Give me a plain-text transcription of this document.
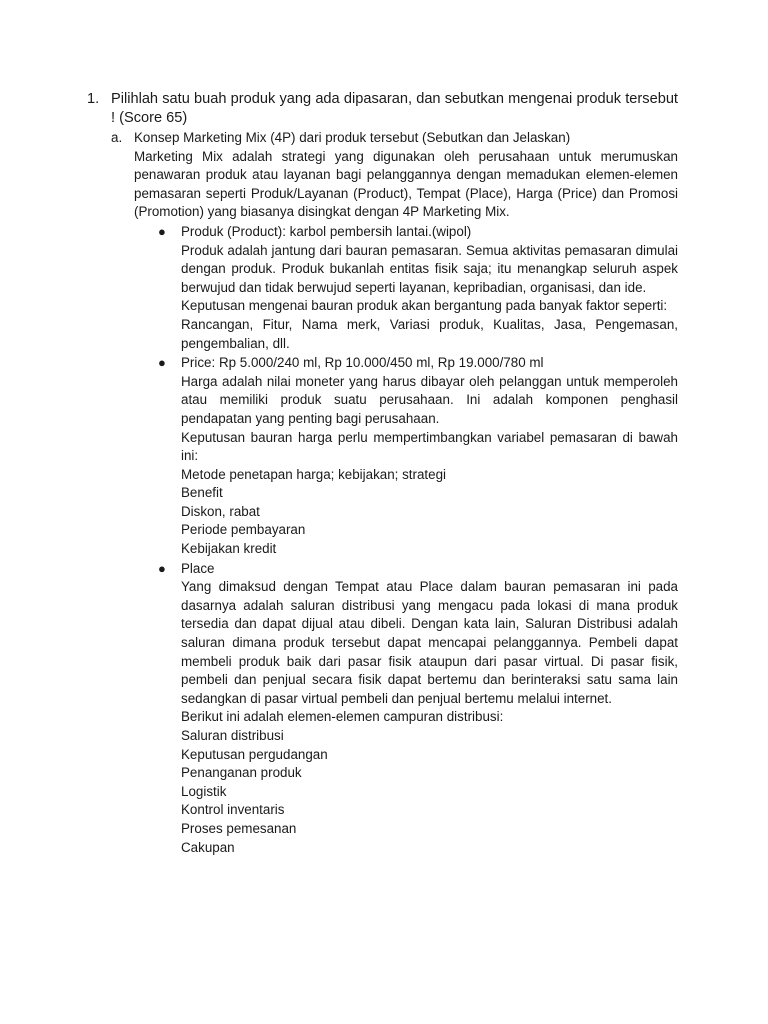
1. Pilihlah satu buah produk yang ada dipasaran, dan sebutkan mengenai produk tersebut ! (Score 65)
a. Konsep Marketing Mix (4P) dari produk tersebut (Sebutkan dan Jelaskan)

Marketing Mix adalah strategi yang digunakan oleh perusahaan untuk merumuskan penawaran produk atau layanan bagi pelanggannya dengan memadukan elemen-elemen pemasaran seperti Produk/Layanan (Product), Tempat (Place), Harga (Price) dan Promosi (Promotion) yang biasanya disingkat dengan 4P Marketing Mix.

● Produk (Product): karbol pembersih lantai.(wipol)

Produk adalah jantung dari bauran pemasaran. Semua aktivitas pemasaran dimulai dengan produk. Produk bukanlah entitas fisik saja; itu menangkap seluruh aspek berwujud dan tidak berwujud seperti layanan, kepribadian, organisasi, dan ide.

Keputusan mengenai bauran produk akan bergantung pada banyak faktor seperti:

Rancangan, Fitur, Nama merk, Variasi produk, Kualitas, Jasa, Pengemasan, pengembalian, dll.

● Price: Rp 5.000/240 ml, Rp 10.000/450 ml, Rp 19.000/780 ml

Harga adalah nilai moneter yang harus dibayar oleh pelanggan untuk memperoleh atau memiliki produk suatu perusahaan. Ini adalah komponen penghasil pendapatan yang penting bagi perusahaan.

Keputusan bauran harga perlu mempertimbangkan variabel pemasaran di bawah ini:

Metode penetapan harga; kebijakan; strategi
Benefit
Diskon, rabat
Periode pembayaran
Kebijakan kredit
● Place

Yang dimaksud dengan Tempat atau Place dalam bauran pemasaran ini pada dasarnya adalah saluran distribusi yang mengacu pada lokasi di mana produk tersedia dan dapat dijual atau dibeli. Dengan kata lain, Saluran Distribusi adalah saluran dimana produk tersebut dapat mencapai pelanggannya. Pembeli dapat membeli produk baik dari pasar fisik ataupun dari pasar virtual. Di pasar fisik, pembeli dan penjual secara fisik dapat bertemu dan berinteraksi satu sama lain sedangkan di pasar virtual pembeli dan penjual bertemu melalui internet.

Berikut ini adalah elemen-elemen campuran distribusi:

Saluran distribusi
Keputusan pergudangan
Penanganan produk
Logistik
Kontrol inventaris
Proses pemesanan
Cakupan
